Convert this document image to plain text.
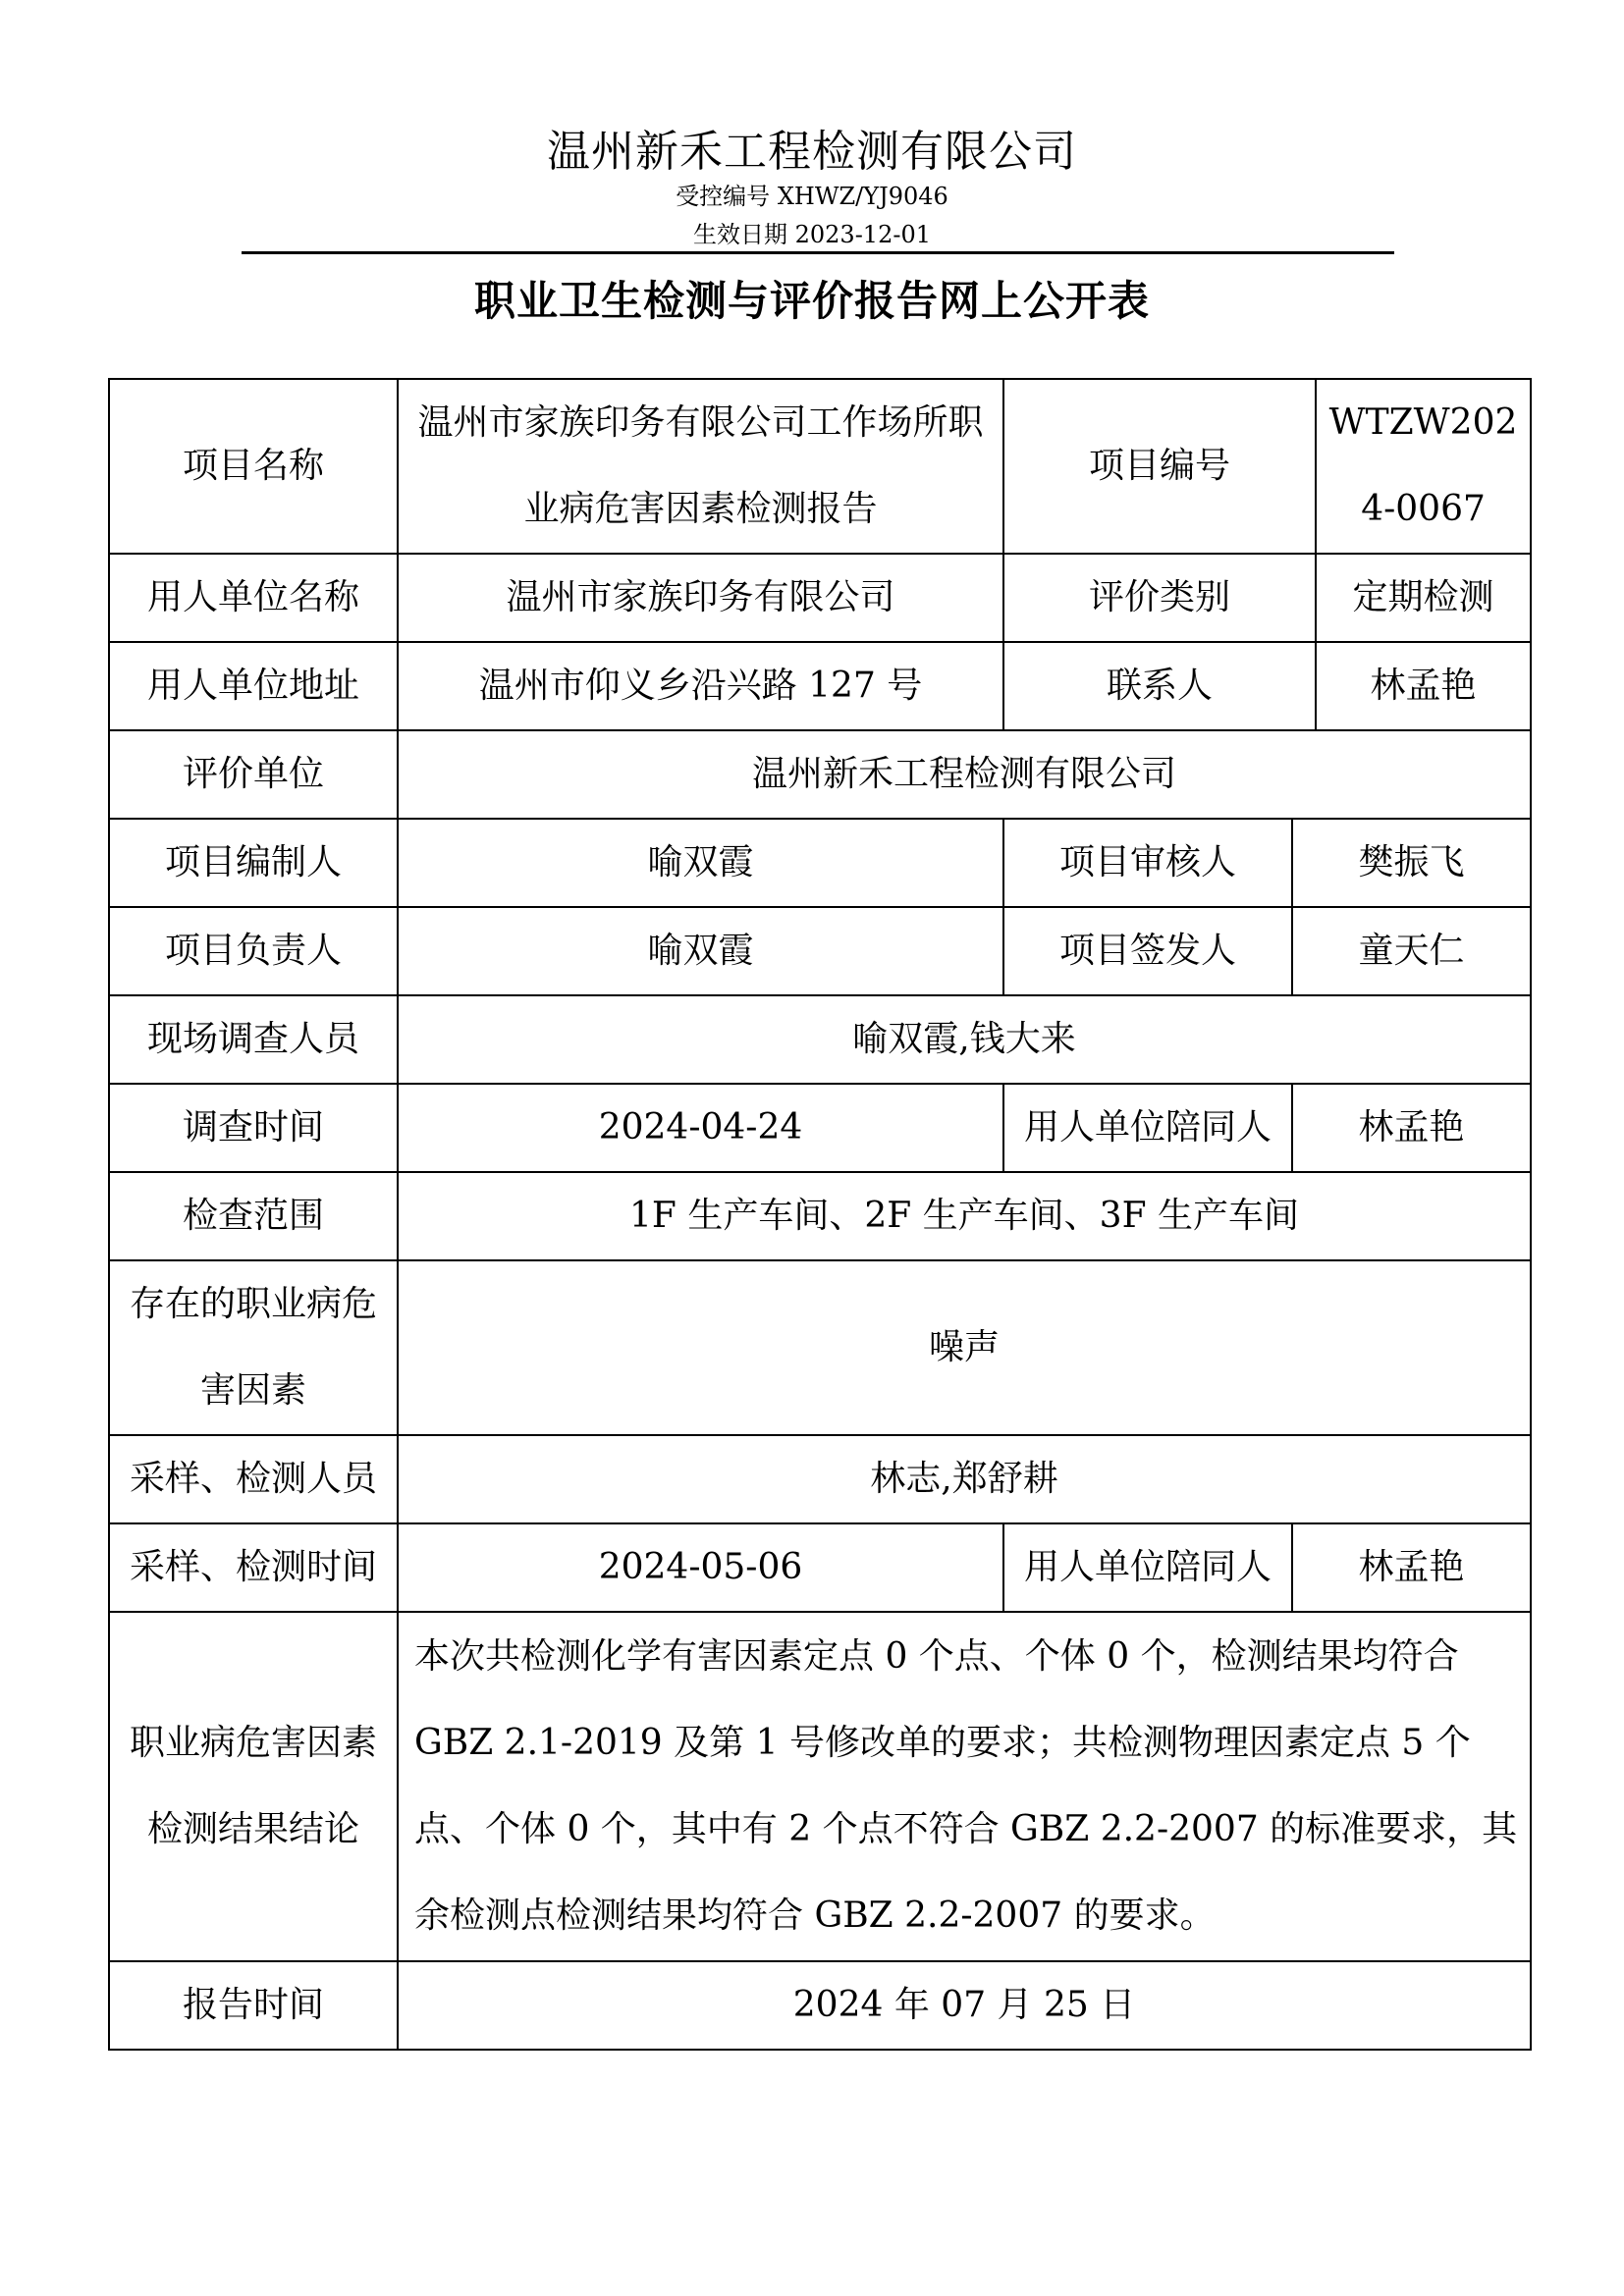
温州新禾工程检测有限公司
受控编号 XHWZ/YJ9046
生效日期 2023-12-01
职业卫生检测与评价报告网上公开表
项目名称	温州市家族印务有限公司工作场所职业病危害因素检测报告	项目编号		WTZW2024-0067
用人单位名称	温州市家族印务有限公司	评价类别		定期检测
用人单位地址	温州市仰义乡沿兴路 127 号	联系人		林孟艳
评价单位	温州新禾工程检测有限公司			
项目编制人	喻双霞	项目审核人	樊振飞	
项目负责人	喻双霞	项目签发人	童天仁	
现场调查人员	喻双霞,钱大来			
调查时间	2024-04-24	用人单位陪同人	林孟艳	
检查范围	1F 生产车间、2F 生产车间、3F 生产车间			
存在的职业病危害因素	噪声			
采样、检测人员	林志,郑舒耕			
采样、检测时间	2024-05-06	用人单位陪同人	林孟艳	
职业病危害因素检测结果结论	本次共检测化学有害因素定点 0 个点、个体 0 个，检测结果均符合 GBZ 2.1-2019 及第 1 号修改单的要求；共检测物理因素定点 5 个点、个体 0 个，其中有 2 个点不符合 GBZ 2.2-2007 的标准要求，其余检测点检测结果均符合 GBZ 2.2-2007 的要求。			
报告时间	2024 年 07 月 25 日			
